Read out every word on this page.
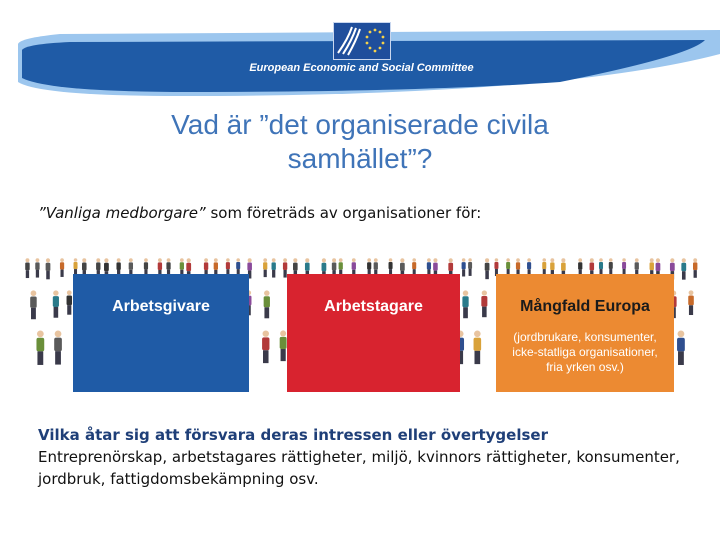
European Economic and Social Committee
Vad är ”det organiserade civila samhället”?
”Vanliga medborgare” som företräds av organisationer för:
Arbetsgivare	Arbetstagare	Mångfald Europa
(jordbrukare, konsumenter, icke-statliga organisationer, fria yrken osv.)
Vilka åtar sig att försvara deras intressen eller övertygelser
Entreprenörskap, arbetstagares rättigheter, miljö, kvinnors rättigheter, konsumenter, jordbruk, fattigdomsbekämpning osv.
